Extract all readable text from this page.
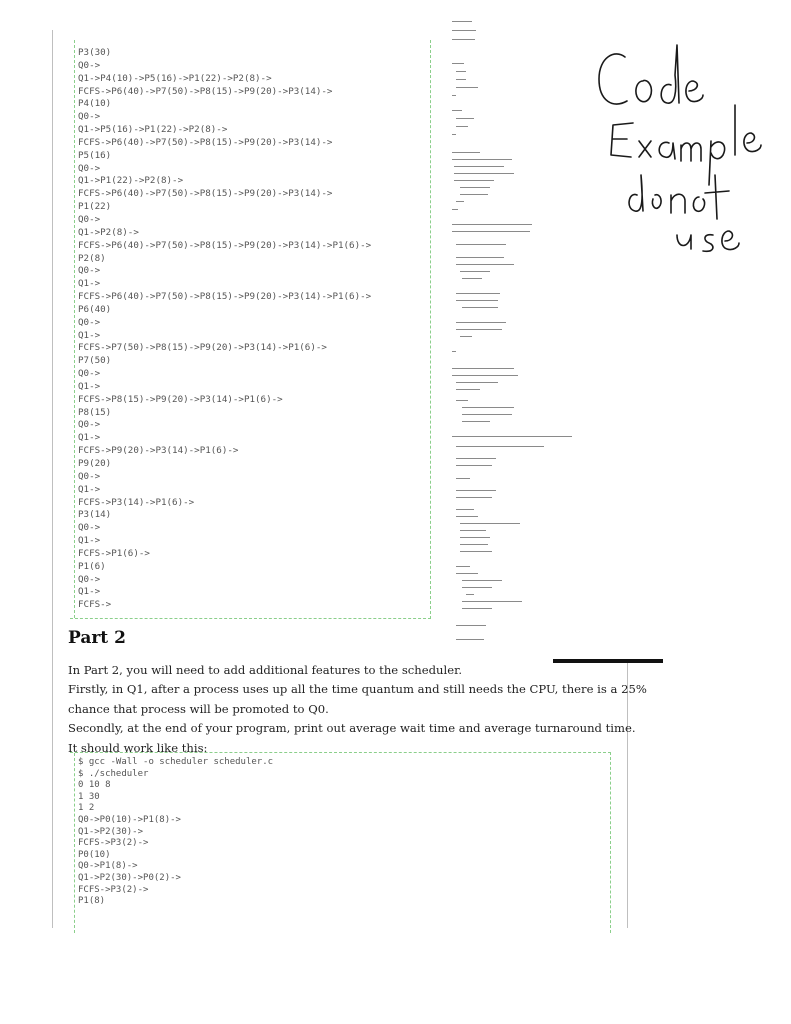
P3(30)
Q0->
Q1->P4(10)->P5(16)->P1(22)->P2(8)->
FCFS->P6(40)->P7(50)->P8(15)->P9(20)->P3(14)->
P4(10)
Q0->
Q1->P5(16)->P1(22)->P2(8)->
FCFS->P6(40)->P7(50)->P8(15)->P9(20)->P3(14)->
P5(16)
Q0->
Q1->P1(22)->P2(8)->
FCFS->P6(40)->P7(50)->P8(15)->P9(20)->P3(14)->
P1(22)
Q0->
Q1->P2(8)->
FCFS->P6(40)->P7(50)->P8(15)->P9(20)->P3(14)->P1(6)->
P2(8)
Q0->
Q1->
FCFS->P6(40)->P7(50)->P8(15)->P9(20)->P3(14)->P1(6)->
P6(40)
Q0->
Q1->
FCFS->P7(50)->P8(15)->P9(20)->P3(14)->P1(6)->
P7(50)
Q0->
Q1->
FCFS->P8(15)->P9(20)->P3(14)->P1(6)->
P8(15)
Q0->
Q1->
FCFS->P9(20)->P3(14)->P1(6)->
P9(20)
Q0->
Q1->
FCFS->P3(14)->P1(6)->
P3(14)
Q0->
Q1->
FCFS->P1(6)->
P1(6)
Q0->
Q1->
FCFS->
Part 2
In Part 2, you will need to add additional features to the scheduler.
Firstly, in Q1, after a process uses up all the time quantum and still needs the CPU, there is a 25%
chance that process will be promoted to Q0.
Secondly, at the end of your program, print out average wait time and average turnaround time.
It should work like this:
$ gcc -Wall -o scheduler scheduler.c
$ ./scheduler
0 10 8
1 30
1 2
Q0->P0(10)->P1(8)->
Q1->P2(30)->
FCFS->P3(2)->
P0(10)
Q0->P1(8)->
Q1->P2(30)->P0(2)->
FCFS->P3(2)->
P1(8)
